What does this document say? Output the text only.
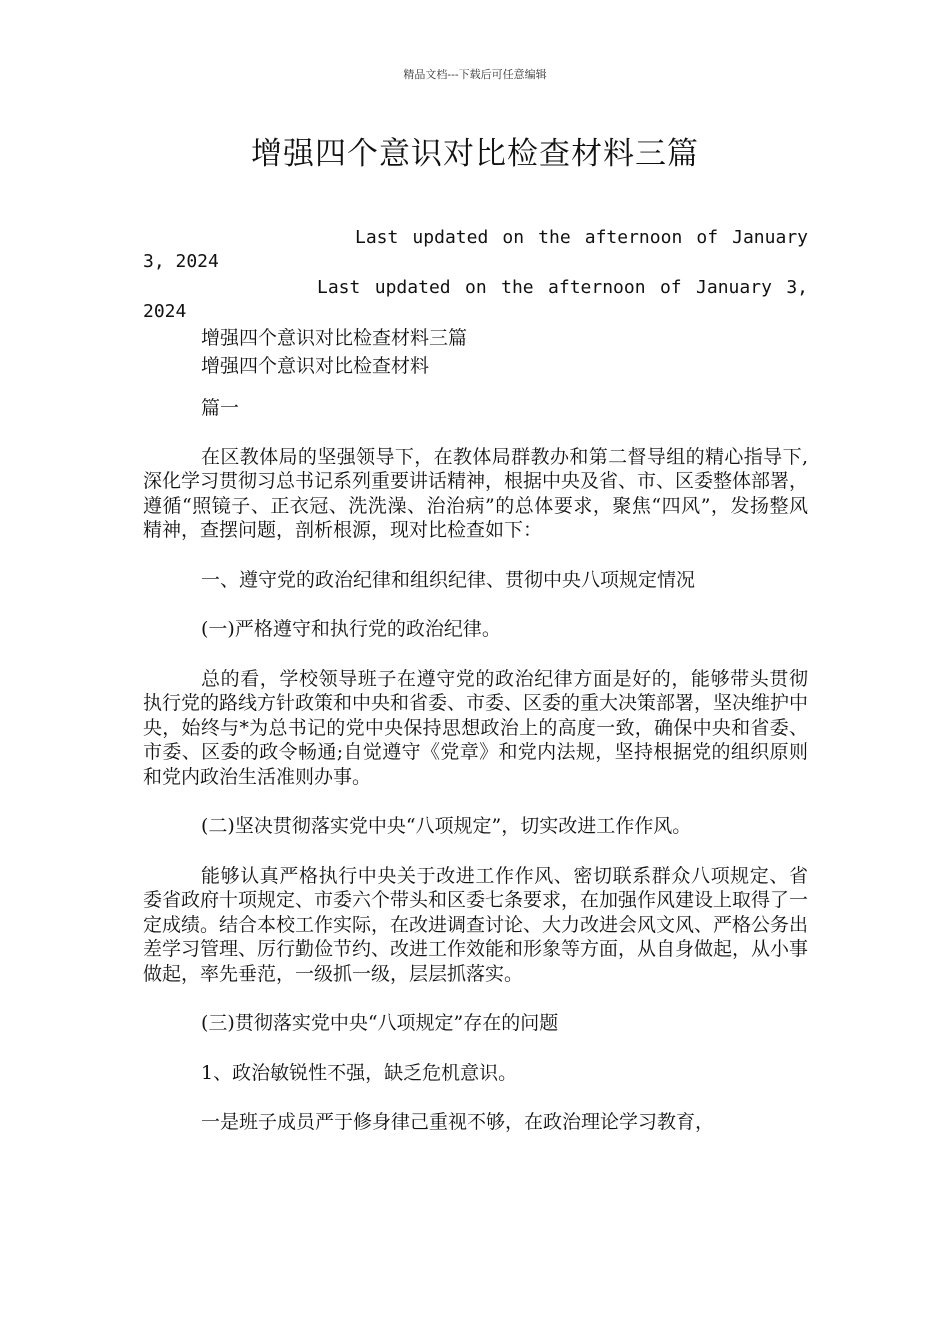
精品文档---下载后可任意编辑
增强四个意识对比检查材料三篇
Last updated on the afternoon of January 3, 2024
Last updated on the afternoon of January 3, 2024
增强四个意识对比检查材料三篇
增强四个意识对比检查材料

篇一

在区教体局的坚强领导下，在教体局群教办和第二督导组的精心指导下,深化学习贯彻习总书记系列重要讲话精神，根据中央及省、市、区委整体部署，遵循“照镜子、正衣冠、洗洗澡、治治病”的总体要求，聚焦“四风”，发扬整风精神，查摆问题，剖析根源，现对比检查如下：

一、遵守党的政治纪律和组织纪律、贯彻中央八项规定情况

(一)严格遵守和执行党的政治纪律。

总的看，学校领导班子在遵守党的政治纪律方面是好的，能够带头贯彻执行党的路线方针政策和中央和省委、市委、区委的重大决策部署，坚决维护中央，始终与*为总书记的党中央保持思想政治上的高度一致，确保中央和省委、市委、区委的政令畅通;自觉遵守《党章》和党内法规，坚持根据党的组织原则和党内政治生活准则办事。

(二)坚决贯彻落实党中央“八项规定”，切实改进工作作风。

能够认真严格执行中央关于改进工作作风、密切联系群众八项规定、省委省政府十项规定、市委六个带头和区委七条要求，在加强作风建设上取得了一定成绩。结合本校工作实际，在改进调查讨论、大力改进会风文风、严格公务出差学习管理、厉行勤俭节约、改进工作效能和形象等方面，从自身做起，从小事做起，率先垂范，一级抓一级，层层抓落实。

(三)贯彻落实党中央“八项规定”存在的问题

1、政治敏锐性不强，缺乏危机意识。

一是班子成员严于修身律己重视不够，在政治理论学习教育，
